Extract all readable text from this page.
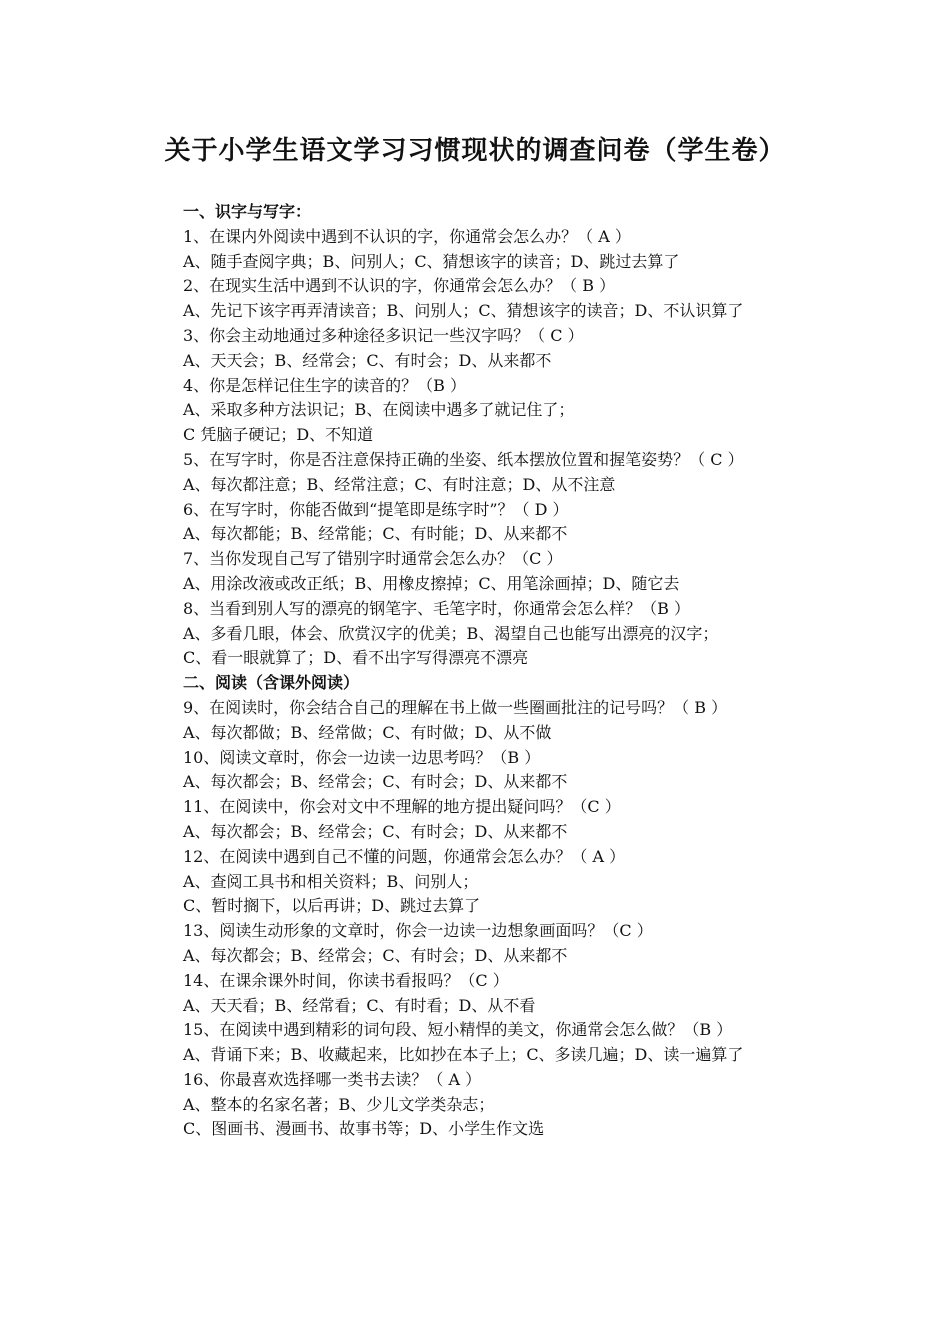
关于小学生语文学习习惯现状的调查问卷（学生卷）
一、识字与写字：
1、在课内外阅读中遇到不认识的字，你通常会怎么办？（ A ）
A、随手查阅字典；B、问别人；C、猜想该字的读音；D、跳过去算了
2、在现实生活中遇到不认识的字，你通常会怎么办？（ B ）
A、先记下该字再弄清读音；B、问别人；C、猜想该字的读音；D、不认识算了
3、你会主动地通过多种途径多识记一些汉字吗？（ C ）
A、天天会；B、经常会；C、有时会；D、从来都不
4、你是怎样记住生字的读音的？（B ）
A、采取多种方法识记；B、在阅读中遇多了就记住了；
C 凭脑子硬记；D、不知道
5、在写字时，你是否注意保持正确的坐姿、纸本摆放位置和握笔姿势？（ C ）
A、每次都注意；B、经常注意；C、有时注意；D、从不注意
6、在写字时，你能否做到“提笔即是练字时”？（ D ）
A、每次都能；B、经常能；C、有时能；D、从来都不
7、当你发现自己写了错别字时通常会怎么办？（C ）
A、用涂改液或改正纸；B、用橡皮擦掉；C、用笔涂画掉；D、随它去
8、当看到别人写的漂亮的钢笔字、毛笔字时，你通常会怎么样？（B ）
A、多看几眼，体会、欣赏汉字的优美；B、渴望自己也能写出漂亮的汉字；
C、看一眼就算了；D、看不出字写得漂亮不漂亮
二、阅读（含课外阅读）
9、在阅读时，你会结合自己的理解在书上做一些圈画批注的记号吗？（ B ）
A、每次都做；B、经常做；C、有时做；D、从不做
10、阅读文章时，你会一边读一边思考吗？（B ）
A、每次都会；B、经常会；C、有时会；D、从来都不
11、在阅读中，你会对文中不理解的地方提出疑问吗？（C ）
A、每次都会；B、经常会；C、有时会；D、从来都不
12、在阅读中遇到自己不懂的问题，你通常会怎么办？（ A ）
A、查阅工具书和相关资料；B、问别人；
C、暂时搁下，以后再讲；D、跳过去算了
13、阅读生动形象的文章时，你会一边读一边想象画面吗？（C ）
A、每次都会；B、经常会；C、有时会；D、从来都不
14、在课余课外时间，你读书看报吗？（C ）
A、天天看；B、经常看；C、有时看；D、从不看
15、在阅读中遇到精彩的词句段、短小精悍的美文，你通常会怎么做？（B ）
A、背诵下来；B、收藏起来，比如抄在本子上；C、多读几遍；D、读一遍算了
16、你最喜欢选择哪一类书去读？（ A ）
A、整本的名家名著；B、少儿文学类杂志；
C、图画书、漫画书、故事书等；D、小学生作文选
